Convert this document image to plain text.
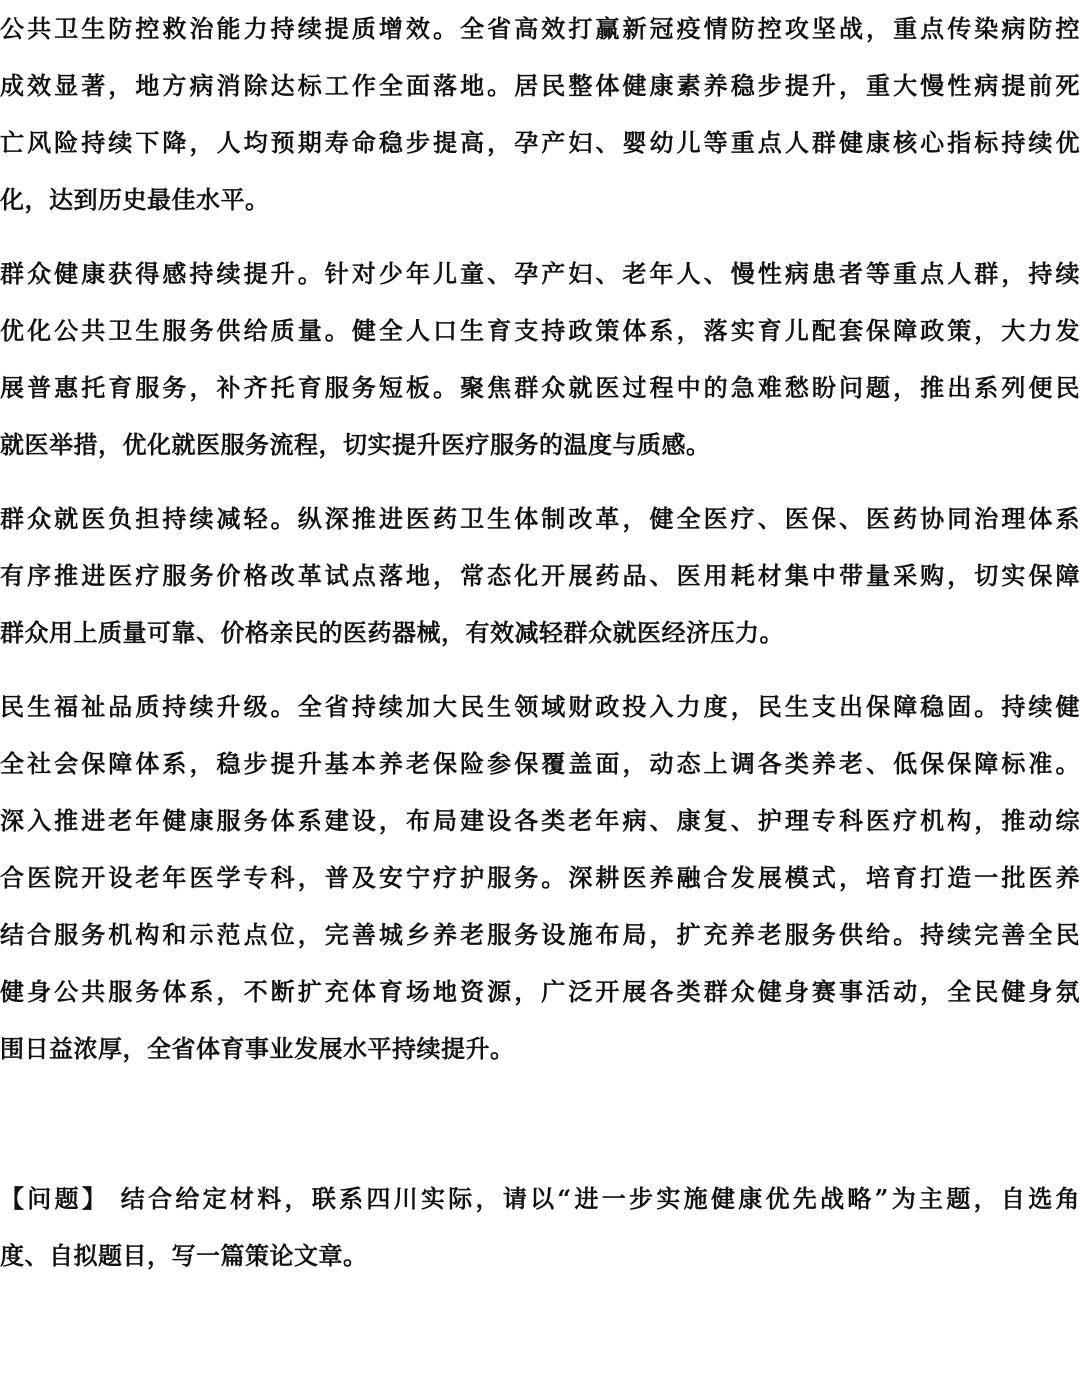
公共卫生防控救治能力持续提质增效。全省高效打赢新冠疫情防控攻坚战，重点传染病防控
成效显著，地方病消除达标工作全面落地。居民整体健康素养稳步提升，重大慢性病提前死
亡风险持续下降，人均预期寿命稳步提高，孕产妇、婴幼儿等重点人群健康核心指标持续优
化，达到历史最佳水平。
群众健康获得感持续提升。针对少年儿童、孕产妇、老年人、慢性病患者等重点人群，持续
优化公共卫生服务供给质量。健全人口生育支持政策体系，落实育儿配套保障政策，大力发
展普惠托育服务，补齐托育服务短板。聚焦群众就医过程中的急难愁盼问题，推出系列便民
就医举措，优化就医服务流程，切实提升医疗服务的温度与质感。
群众就医负担持续减轻。纵深推进医药卫生体制改革，健全医疗、医保、医药协同治理体系
有序推进医疗服务价格改革试点落地，常态化开展药品、医用耗材集中带量采购，切实保障
群众用上质量可靠、价格亲民的医药器械，有效减轻群众就医经济压力。
民生福祉品质持续升级。全省持续加大民生领域财政投入力度，民生支出保障稳固。持续健
全社会保障体系，稳步提升基本养老保险参保覆盖面，动态上调各类养老、低保保障标准。
深入推进老年健康服务体系建设，布局建设各类老年病、康复、护理专科医疗机构，推动综
合医院开设老年医学专科，普及安宁疗护服务。深耕医养融合发展模式，培育打造一批医养
结合服务机构和示范点位，完善城乡养老服务设施布局，扩充养老服务供给。持续完善全民
健身公共服务体系，不断扩充体育场地资源，广泛开展各类群众健身赛事活动，全民健身氛
围日益浓厚，全省体育事业发展水平持续提升。
【问题】 结合给定材料，联系四川实际，请以“进一步实施健康优先战略”为主题，自选角
度、自拟题目，写一篇策论文章。
